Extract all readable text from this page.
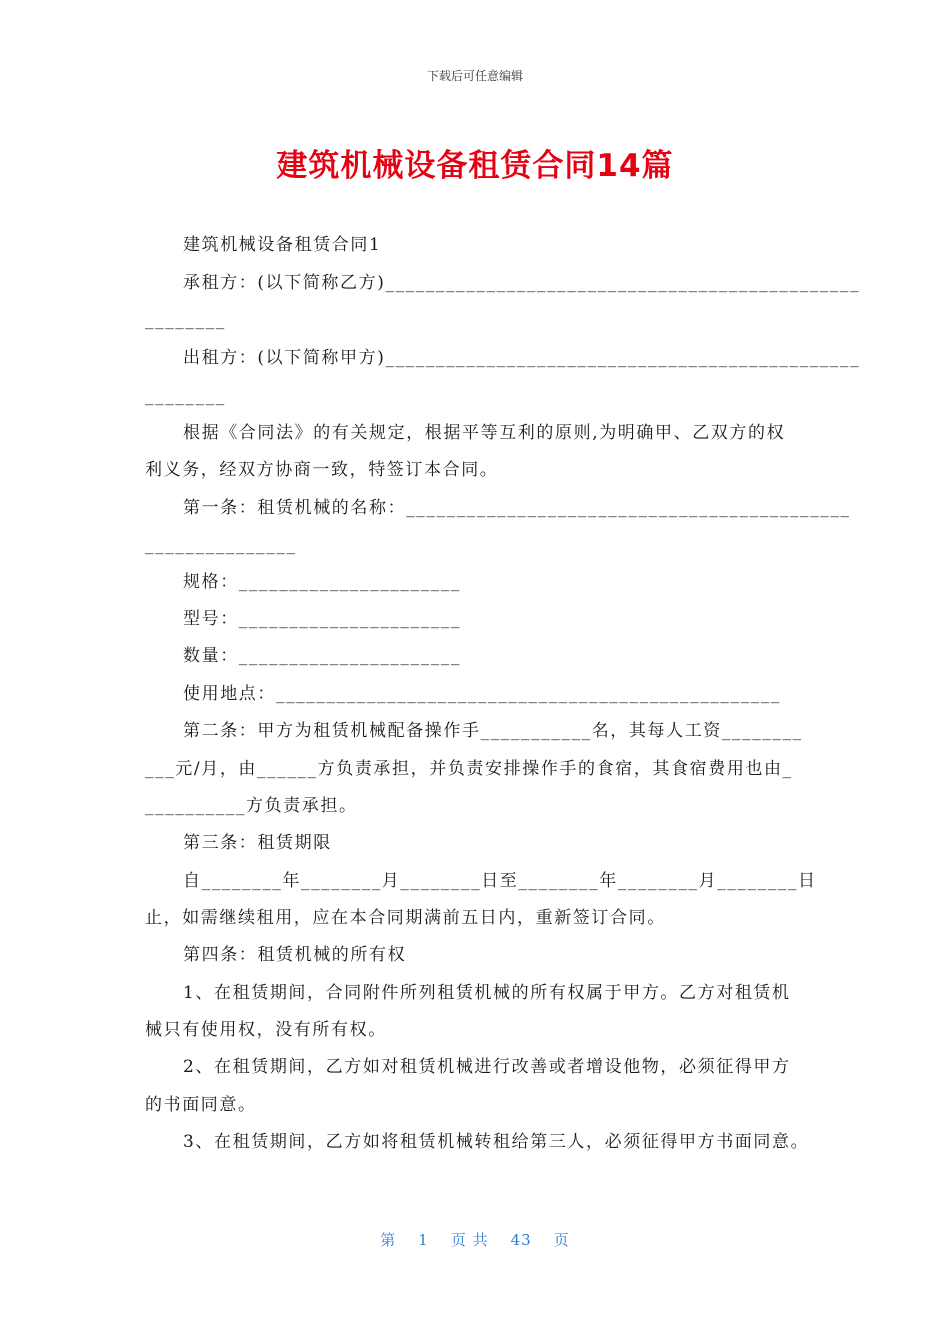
下载后可任意编辑
建筑机械设备租赁合同14篇
建筑机械设备租赁合同1
承租方：(以下简称乙方)_______________________________________________
________
出租方：(以下简称甲方)_______________________________________________
________
根据《合同法》的有关规定，根据平等互利的原则,为明确甲、乙双方的权
利义务，经双方协商一致，特签订本合同。
第一条：租赁机械的名称：____________________________________________
_______________
规格：______________________
型号：______________________
数量：______________________
使用地点：__________________________________________________
第二条：甲方为租赁机械配备操作手___________名，其每人工资________
___元/月，由______方负责承担，并负责安排操作手的食宿，其食宿费用也由_
__________方负责承担。
第三条：租赁期限
自________年________月________日至________年________月________日
止，如需继续租用，应在本合同期满前五日内，重新签订合同。
第四条：租赁机械的所有权
1、在租赁期间，合同附件所列租赁机械的所有权属于甲方。乙方对租赁机
械只有使用权，没有所有权。
2、在租赁期间，乙方如对租赁机械进行改善或者增设他物，必须征得甲方
的书面同意。
3、在租赁期间，乙方如将租赁机械转租给第三人，必须征得甲方书面同意。
第 1 页 共 43 页
